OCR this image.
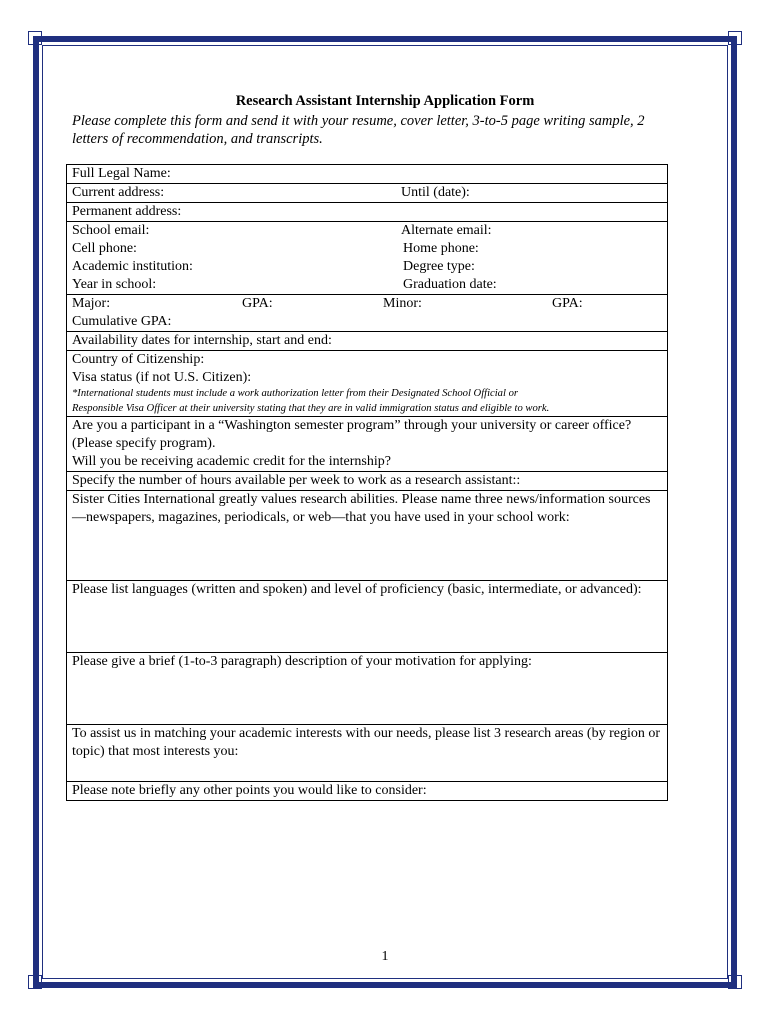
Research Assistant Internship Application Form
Please complete this form and send it with your resume, cover letter, 3-to-5 page writing sample, 2 letters of recommendation, and transcripts.
Full Legal Name:

Current address:	Until (date):

Permanent address:

School email:	Alternate email:
Cell phone:	Home phone:
Academic institution:	Degree type:
Year in school:	Graduation date:

Major:	GPA:	Minor:	GPA:
Cumulative GPA:

Availability dates for internship, start and end:

Country of Citizenship:
Visa status (if not U.S. Citizen):
*International students must include a work authorization letter from their Designated School Official or
Responsible Visa Officer at their university stating that they are in valid immigration status and eligible to work.

Are you a participant in a “Washington semester program” through your university or career office? (Please specify program).
Will you be receiving academic credit for the internship?

Specify the number of hours available per week to work as a research assistant::

Sister Cities International greatly values research abilities. Please name three news/information sources—newspapers, magazines, periodicals, or web—that you have used in your school work:

Please list languages (written and spoken) and level of proficiency (basic, intermediate, or advanced):

Please give a brief (1-to-3 paragraph) description of your motivation for applying:

To assist us in matching your academic interests with our needs, please list 3 research areas (by region or topic) that most interests you:

Please note briefly any other points you would like to consider:
1
